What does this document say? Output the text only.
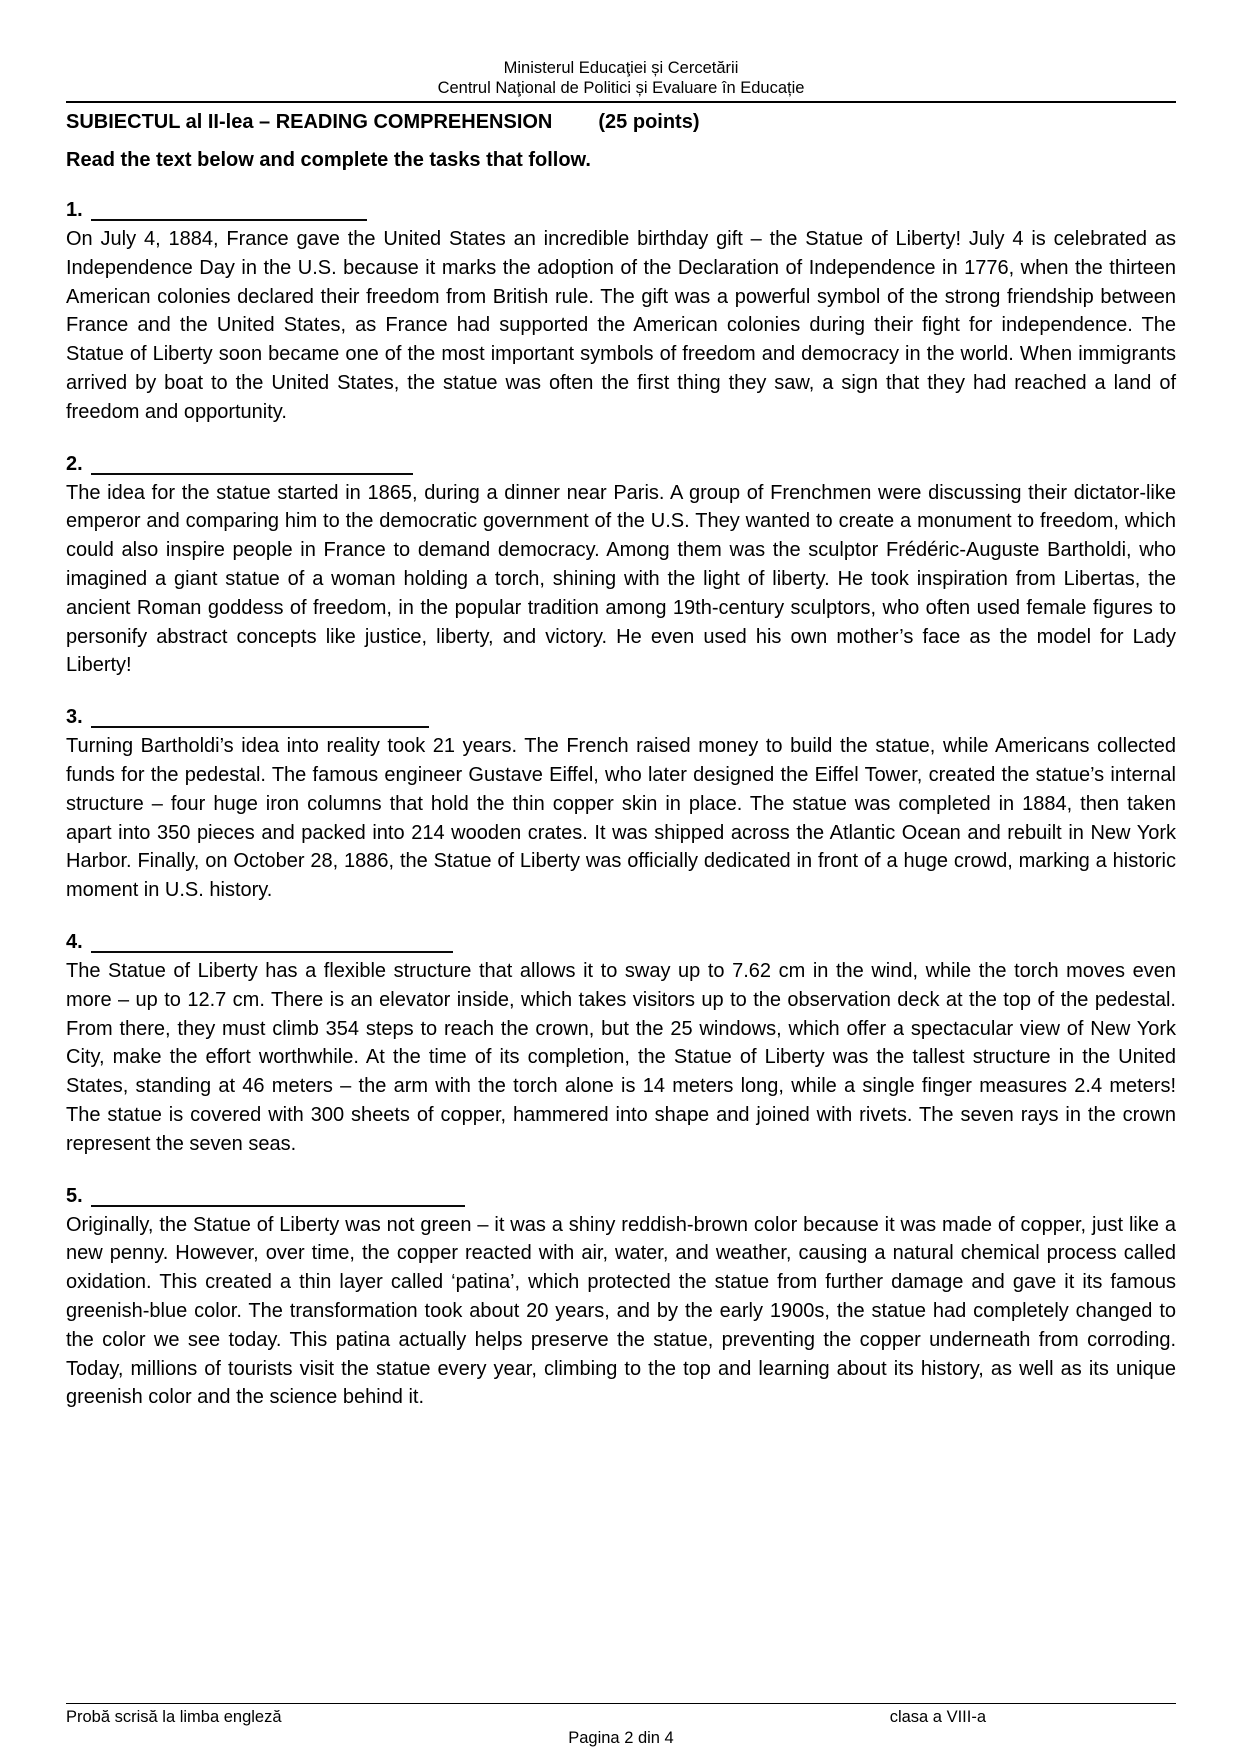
Ministerul Educaţiei și Cercetării
Centrul Naţional de Politici și Evaluare în Educație
SUBIECTUL al II-lea – READING COMPREHENSION (25 points)
Read the text below and complete the tasks that follow.
1.
On July 4, 1884, France gave the United States an incredible birthday gift – the Statue of Liberty! July 4 is celebrated as Independence Day in the U.S. because it marks the adoption of the Declaration of Independence in 1776, when the thirteen American colonies declared their freedom from British rule. The gift was a powerful symbol of the strong friendship between France and the United States, as France had supported the American colonies during their fight for independence. The Statue of Liberty soon became one of the most important symbols of freedom and democracy in the world. When immigrants arrived by boat to the United States, the statue was often the first thing they saw, a sign that they had reached a land of freedom and opportunity.
2.
The idea for the statue started in 1865, during a dinner near Paris. A group of Frenchmen were discussing their dictator-like emperor and comparing him to the democratic government of the U.S. They wanted to create a monument to freedom, which could also inspire people in France to demand democracy. Among them was the sculptor Frédéric-Auguste Bartholdi, who imagined a giant statue of a woman holding a torch, shining with the light of liberty. He took inspiration from Libertas, the ancient Roman goddess of freedom, in the popular tradition among 19th-century sculptors, who often used female figures to personify abstract concepts like justice, liberty, and victory. He even used his own mother’s face as the model for Lady Liberty!
3.
Turning Bartholdi’s idea into reality took 21 years. The French raised money to build the statue, while Americans collected funds for the pedestal. The famous engineer Gustave Eiffel, who later designed the Eiffel Tower, created the statue’s internal structure – four huge iron columns that hold the thin copper skin in place. The statue was completed in 1884, then taken apart into 350 pieces and packed into 214 wooden crates. It was shipped across the Atlantic Ocean and rebuilt in New York Harbor. Finally, on October 28, 1886, the Statue of Liberty was officially dedicated in front of a huge crowd, marking a historic moment in U.S. history.
4.
The Statue of Liberty has a flexible structure that allows it to sway up to 7.62 cm in the wind, while the torch moves even more – up to 12.7 cm. There is an elevator inside, which takes visitors up to the observation deck at the top of the pedestal. From there, they must climb 354 steps to reach the crown, but the 25 windows, which offer a spectacular view of New York City, make the effort worthwhile. At the time of its completion, the Statue of Liberty was the tallest structure in the United States, standing at 46 meters – the arm with the torch alone is 14 meters long, while a single finger measures 2.4 meters! The statue is covered with 300 sheets of copper, hammered into shape and joined with rivets. The seven rays in the crown represent the seven seas.
5.
Originally, the Statue of Liberty was not green – it was a shiny reddish-brown color because it was made of copper, just like a new penny. However, over time, the copper reacted with air, water, and weather, causing a natural chemical process called oxidation. This created a thin layer called ‘patina’, which protected the statue from further damage and gave it its famous greenish-blue color. The transformation took about 20 years, and by the early 1900s, the statue had completely changed to the color we see today. This patina actually helps preserve the statue, preventing the copper underneath from corroding. Today, millions of tourists visit the statue every year, climbing to the top and learning about its history, as well as its unique greenish color and the science behind it.
Probă scrisă la limba engleză	clasa a VIII-a
Pagina 2 din 4
